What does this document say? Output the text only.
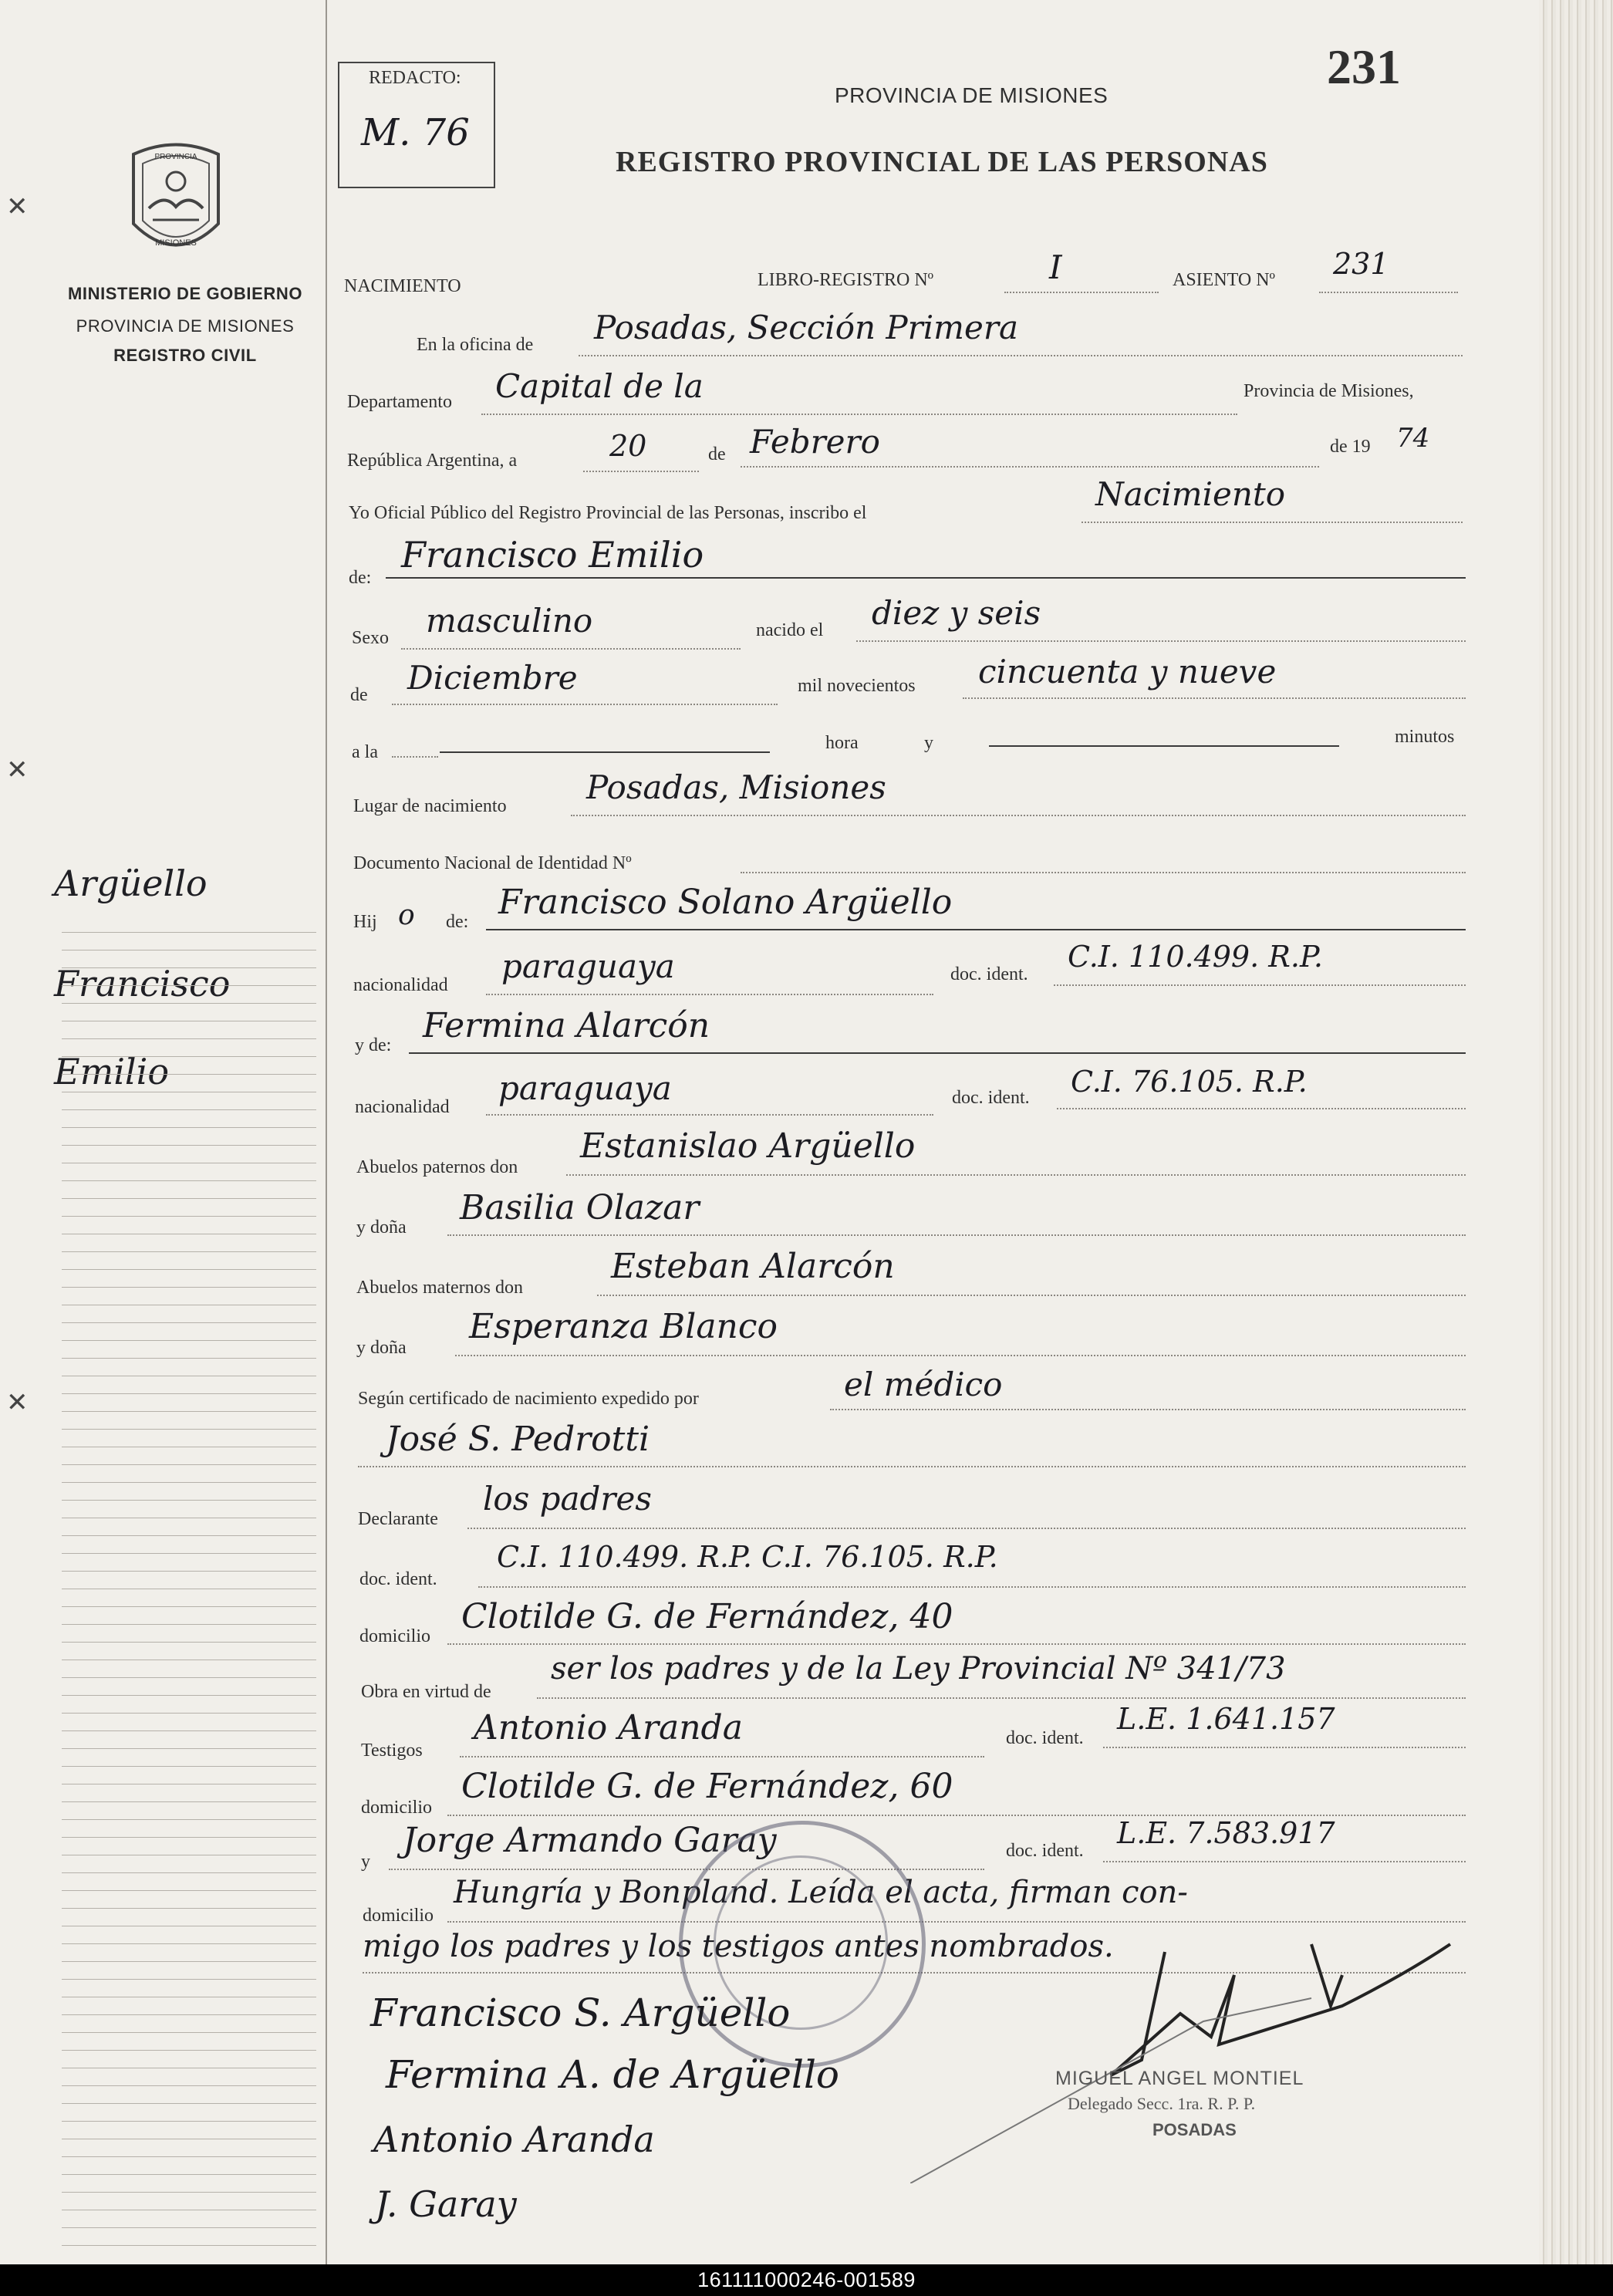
✕
✕
✕
PROVINCIA
MISIONES
MINISTERIO DE GOBIERNO
PROVINCIA DE MISIONES
REGISTRO CIVIL
Argüello
Francisco
Emilio
REDACTO:
M. 76
231
PROVINCIA DE MISIONES
REGISTRO PROVINCIAL DE LAS PERSONAS
NACIMIENTO	LIBRO-REGISTRO Nº	I	ASIENTO Nº 231
En la oficina de Posadas, Sección Primera
Departamento Capital de la	Provincia de Misiones,
República Argentina, a	20	de Febrero	de 19 74
Yo Oficial Público del Registro Provincial de las Personas, inscribo el	Nacimiento
de:
Francisco Emilio
Sexo masculino	nacido el diez y seis
de Diciembre	mil novecientos cincuenta y nueve
a la	hora	y	minutos
Lugar de nacimiento Posadas, Misiones
Documento Nacional de Identidad Nº
Hij o de: Francisco Solano Argüello
nacionalidad paraguaya	doc. ident.
C.I. 110.499. R.P.
y de: Fermina Alarcón
nacionalidad paraguaya	doc. ident. C.I. 76.105. R.P.
Abuelos paternos don
Estanislao Argüello
y doña Basilia Olazar
Abuelos maternos don
Esteban Alarcón
y doña
Esperanza Blanco
Según certificado de nacimiento expedido por	el médico
José S. Pedrotti
Declarante
los padres
doc. ident.
C.I. 110.499. R.P. C.I. 76.105. R.P.
domicilio Clotilde G. de Fernández, 40
Obra en virtud de
ser los padres y de la Ley Provincial Nº 341/73
Testigos
Antonio Aranda	doc. ident.
L.E. 1.641.157
domicilio
Clotilde G. de Fernández, 60
y
Jorge Armando Garay	doc. ident.
L.E. 7.583.917
domicilio
Hungría y Bonpland. Leída el acta, firman con-
migo los padres y los testigos antes nombrados.
Francisco S. Argüello
Fermina A. de Argüello
Antonio Aranda
J. Garay
MIGUEL ANGEL MONTIEL
Delegado Secc. 1ra. R. P. P.
POSADAS
161111000246-001589
